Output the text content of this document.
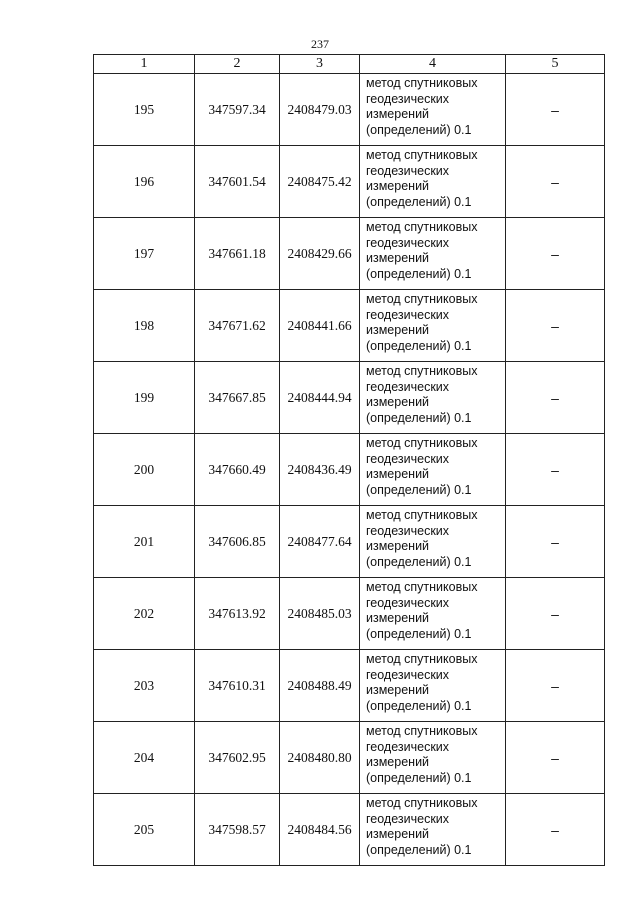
237
1	2	3	4	5
195	347597.34	2408479.03	метод спутниковых
геодезических
измерений
(определений) 0.1	–
196	347601.54	2408475.42	метод спутниковых
геодезических
измерений
(определений) 0.1	–
197	347661.18	2408429.66	метод спутниковых
геодезических
измерений
(определений) 0.1	–
198	347671.62	2408441.66	метод спутниковых
геодезических
измерений
(определений) 0.1	–
199	347667.85	2408444.94	метод спутниковых
геодезических
измерений
(определений) 0.1	–
200	347660.49	2408436.49	метод спутниковых
геодезических
измерений
(определений) 0.1	–
201	347606.85	2408477.64	метод спутниковых
геодезических
измерений
(определений) 0.1	–
202	347613.92	2408485.03	метод спутниковых
геодезических
измерений
(определений) 0.1	–
203	347610.31	2408488.49	метод спутниковых
геодезических
измерений
(определений) 0.1	–
204	347602.95	2408480.80	метод спутниковых
геодезических
измерений
(определений) 0.1	–
205	347598.57	2408484.56	метод спутниковых
геодезических
измерений
(определений) 0.1	–
